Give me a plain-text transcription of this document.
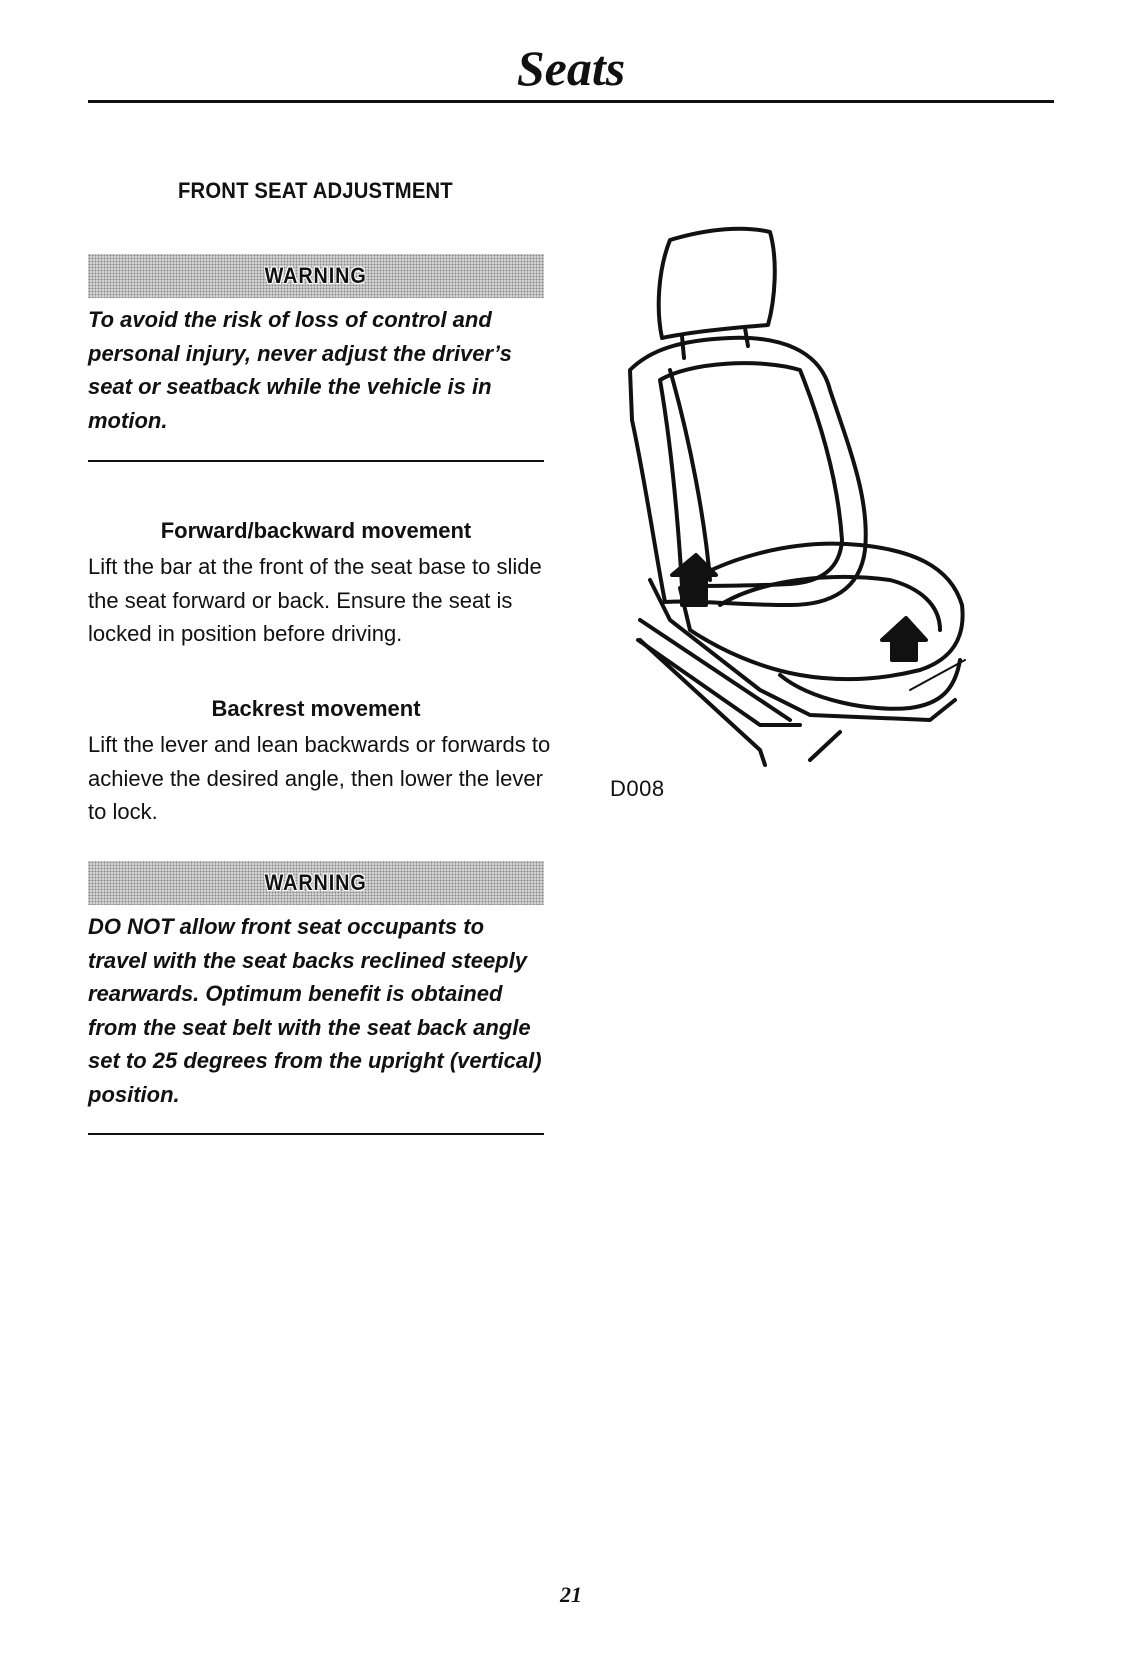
Seats
FRONT SEAT ADJUSTMENT
WARNING

To avoid the risk of loss of control and personal injury, never adjust the driver’s seat or seatback while the vehicle is in motion.

Forward/backward movement

Lift the bar at the front of the seat base to slide the seat forward or back. Ensure the seat is locked in position before driving.

Backrest movement

Lift the lever and lean backwards or forwards to achieve the desired angle, then lower the lever to lock.

WARNING

DO NOT allow front seat occupants to travel with the seat backs reclined steeply rearwards. Optimum benefit is obtained from the seat belt with the seat back angle set to 25 degrees from the upright (vertical) position.

D008
21
